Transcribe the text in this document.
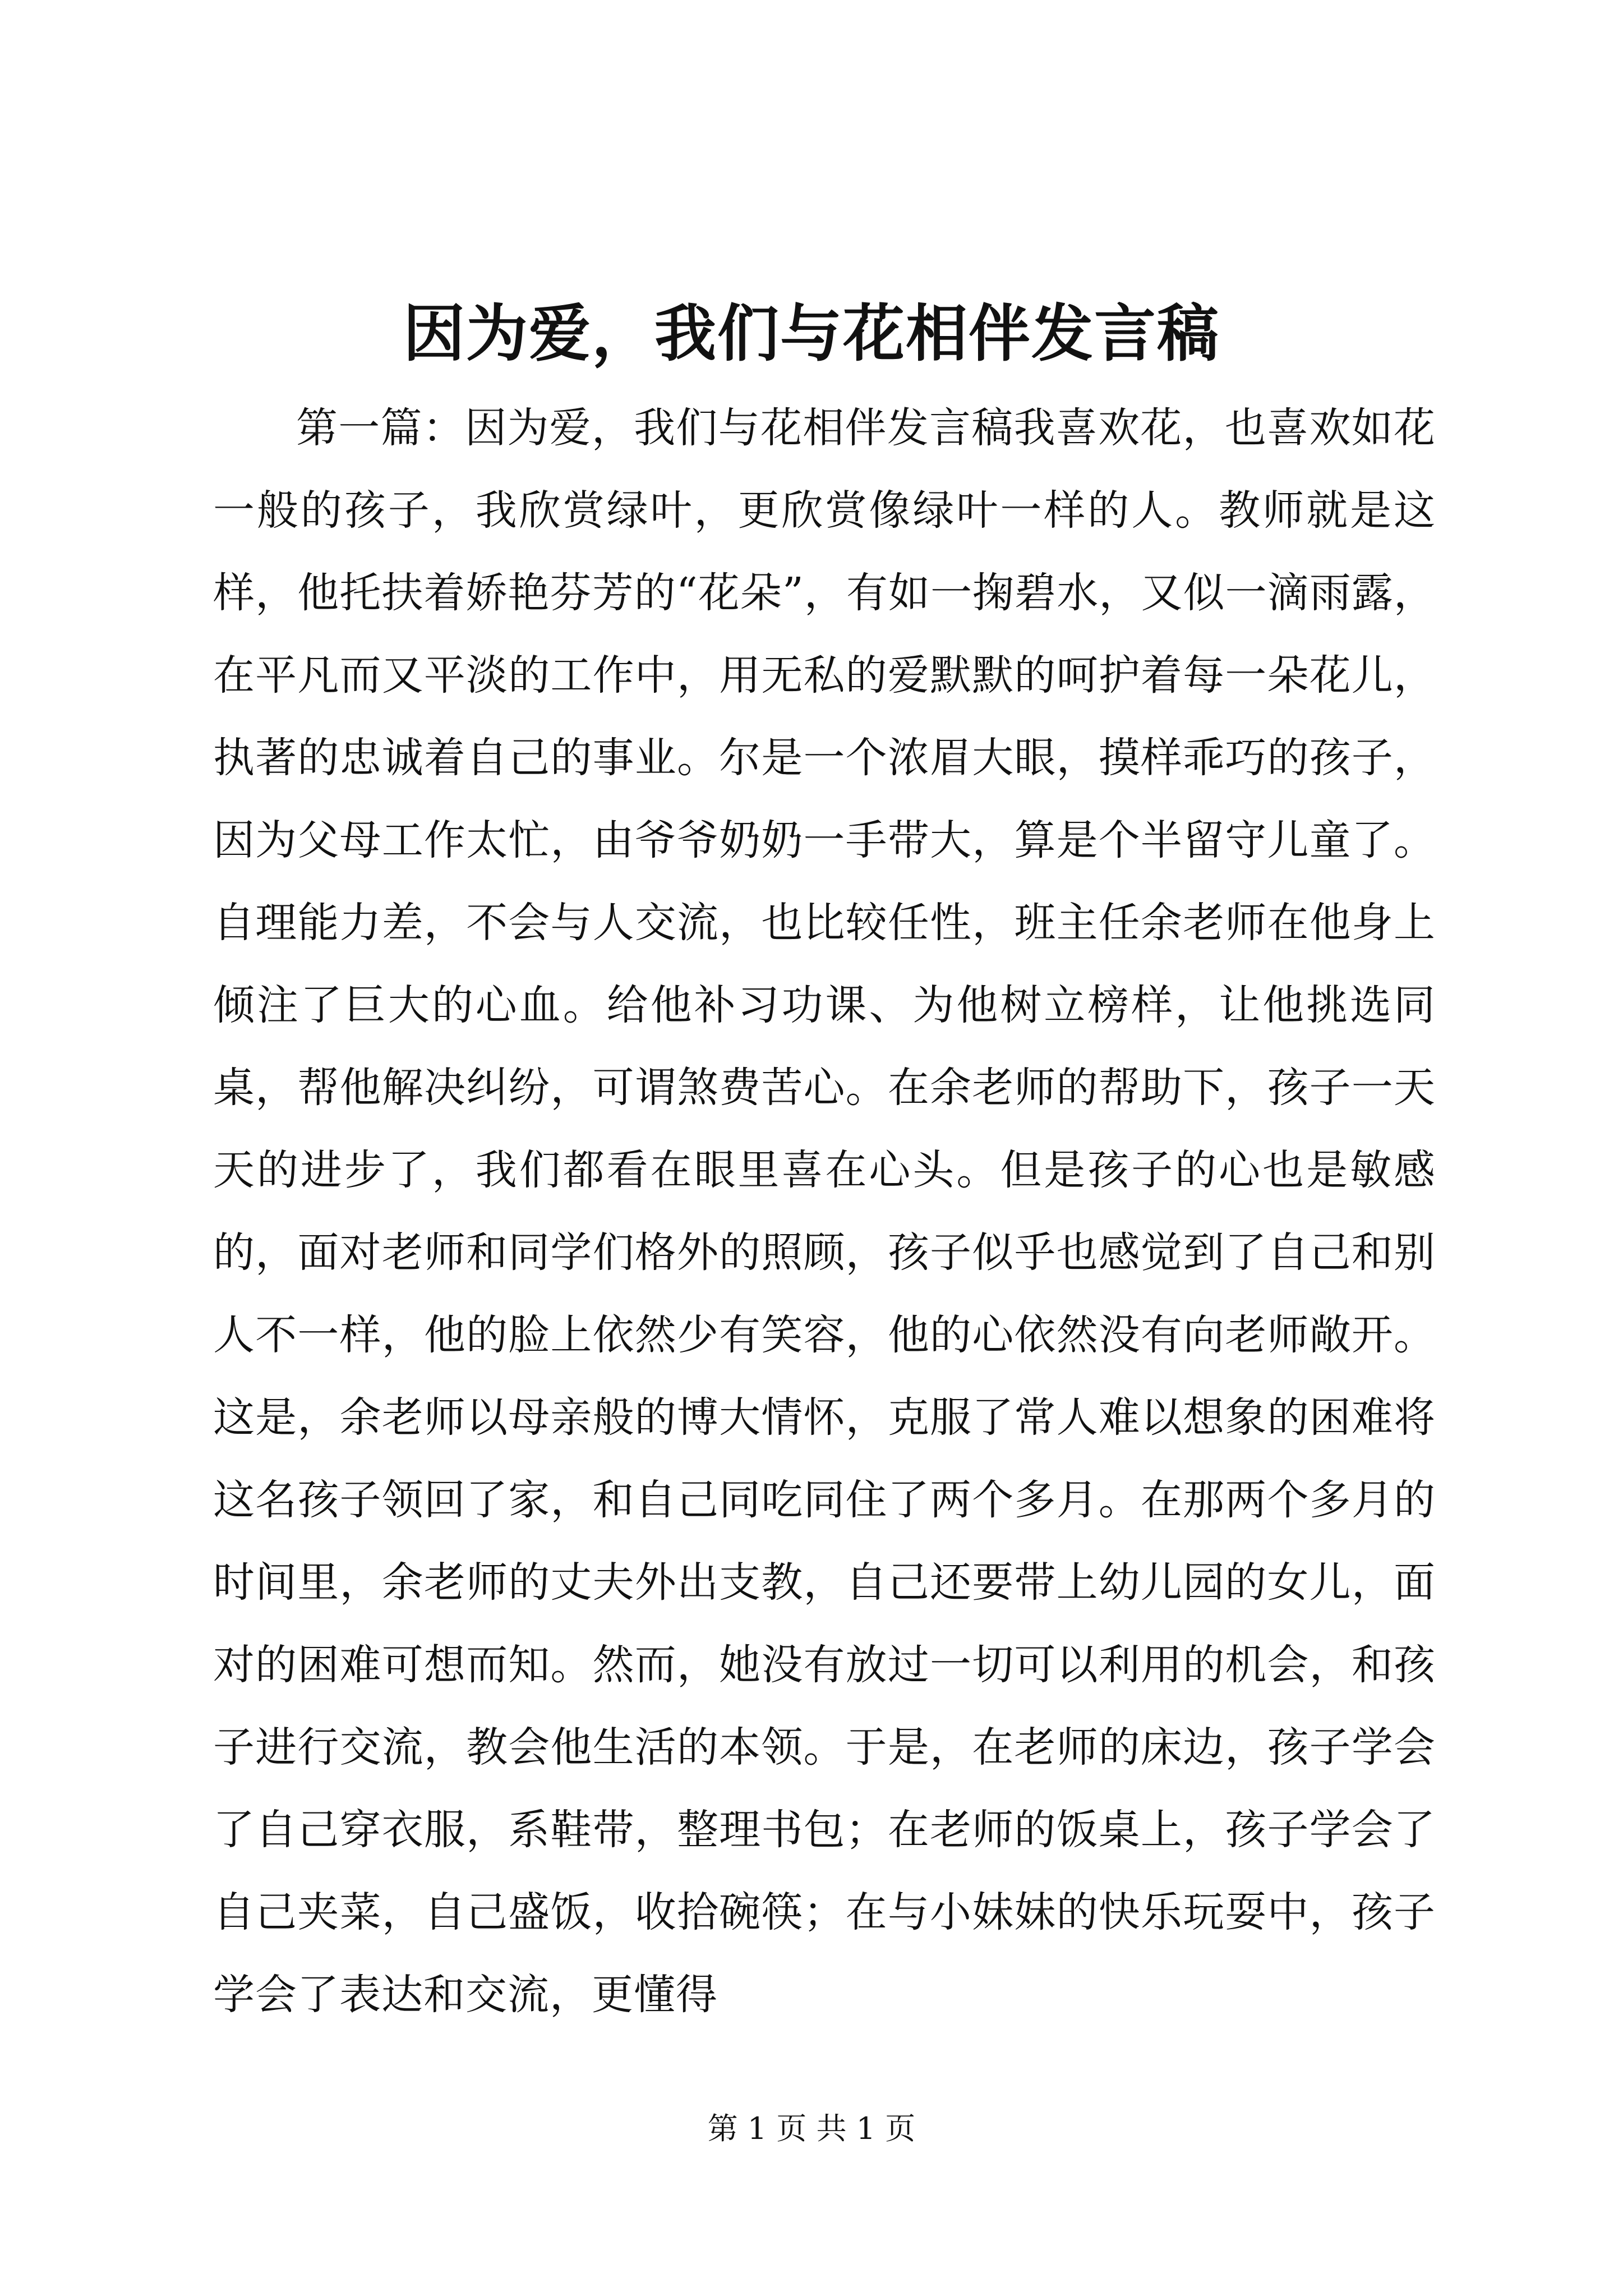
因为爱，我们与花相伴发言稿

第一篇：因为爱，我们与花相伴发言稿我喜欢花，也喜欢如花一般的孩子，我欣赏绿叶，更欣赏像绿叶一样的人。教师就是这样，他托扶着娇艳芬芳的“花朵”，有如一掬碧水，又似一滴雨露，在平凡而又平淡的工作中，用无私的爱默默的呵护着每一朵花儿，执著的忠诚着自己的事业。尔是一个浓眉大眼，摸样乖巧的孩子，因为父母工作太忙，由爷爷奶奶一手带大，算是个半留守儿童了。自理能力差，不会与人交流，也比较任性，班主任余老师在他身上倾注了巨大的心血。给他补习功课、为他树立榜样，让他挑选同桌，帮他解决纠纷，可谓煞费苦心。在余老师的帮助下，孩子一天天的进步了，我们都看在眼里喜在心头。但是孩子的心也是敏感的，面对老师和同学们格外的照顾，孩子似乎也感觉到了自己和别人不一样，他的脸上依然少有笑容，他的心依然没有向老师敞开。这是，余老师以母亲般的博大情怀，克服了常人难以想象的困难将这名孩子领回了家，和自己同吃同住了两个多月。在那两个多月的时间里，余老师的丈夫外出支教，自己还要带上幼儿园的女儿，面对的困难可想而知。然而，她没有放过一切可以利用的机会，和孩子进行交流，教会他生活的本领。于是，在老师的床边，孩子学会了自己穿衣服，系鞋带，整理书包；在老师的饭桌上，孩子学会了自己夹菜，自己盛饭，收拾碗筷；在与小妹妹的快乐玩耍中，孩子学会了表达和交流，更懂得

第 1 页 共 1 页
